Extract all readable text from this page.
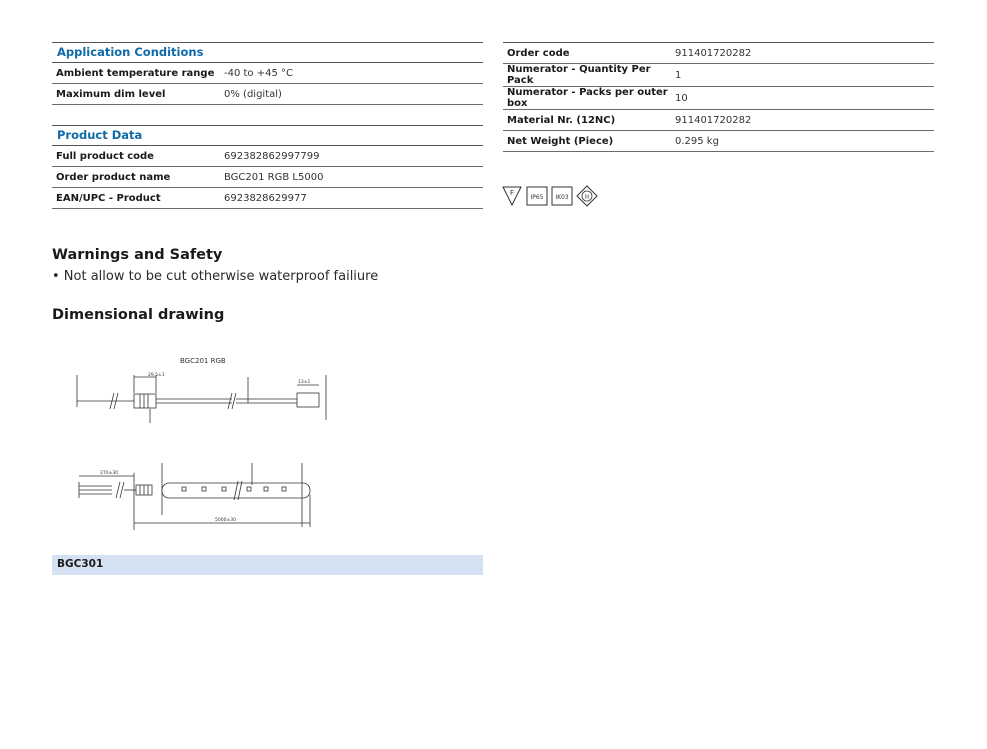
Application Conditions
Ambient temperature range	-40 to +45 °C
Maximum dim level	0% (digital)
Product Data
Full product code	692382862997799
Order product name	BGC201 RGB L5000
EAN/UPC - Product	6923828629977
Order code	911401720282
Numerator - Quantity Per Pack	1
Numerator - Packs per outer box	10
Material Nr. (12NC)	911401720282
Net Weight (Piece)	0.295 kg
F
IP65 IK03	III
Warnings and Safety
• Not allow to be cut otherwise waterproof failiure
Dimensional drawing
BGC201 RGB
29.5±1
13±1
270±30
5000±30
BGC301
